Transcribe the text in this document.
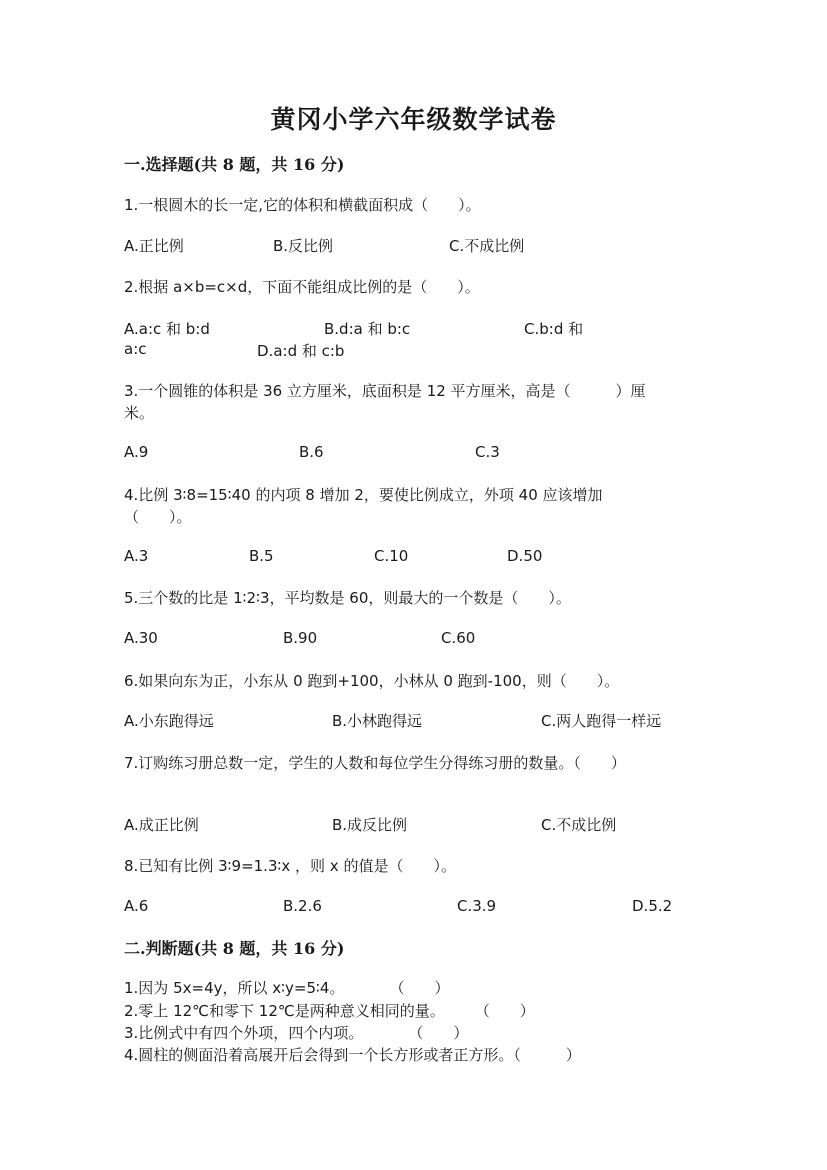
黄冈小学六年级数学试卷
一.选择题(共 8 题，共 16 分)
1.一根圆木的长一定,它的体积和横截面积成（　　）。
A.正比例	B.反比例	C.不成比例
2.根据 a×b=c×d，下面不能组成比例的是（　　）。
A.a:c 和 b:d	B.d:a 和 b:c	C.b:d 和
a:c	D.a:d 和 c:b
3.一个圆锥的体积是 36 立方厘米，底面积是 12 平方厘米，高是（　　　）厘
米。
A.9	B.6	C.3
4.比例 3∶8=15∶40 的内项 8 增加 2，要使比例成立，外项 40 应该增加
（　　）。
A.3	B.5	C.10	D.50
5.三个数的比是 1∶2∶3，平均数是 60，则最大的一个数是（　　）。
A.30	B.90	C.60
6.如果向东为正，小东从 0 跑到+100，小林从 0 跑到-100，则（　　）。
A.小东跑得远	B.小林跑得远	C.两人跑得一样远
7.订购练习册总数一定，学生的人数和每位学生分得练习册的数量。（　　）
A.成正比例	B.成反比例	C.不成比例
8.已知有比例 3∶9=1.3∶x ，则 x 的值是（　　）。
A.6	B.2.6	C.3.9	D.5.2
二.判断题(共 8 题，共 16 分)
1.因为 5x=4y，所以 x∶y=5∶4。　　　　（　　）
2.零上 12℃和零下 12℃是两种意义相同的量。　　　（　　）
3.比例式中有四个外项，四个内项。　　　　（　　）
4.圆柱的侧面沿着高展开后会得到一个长方形或者正方形。（　　　）
